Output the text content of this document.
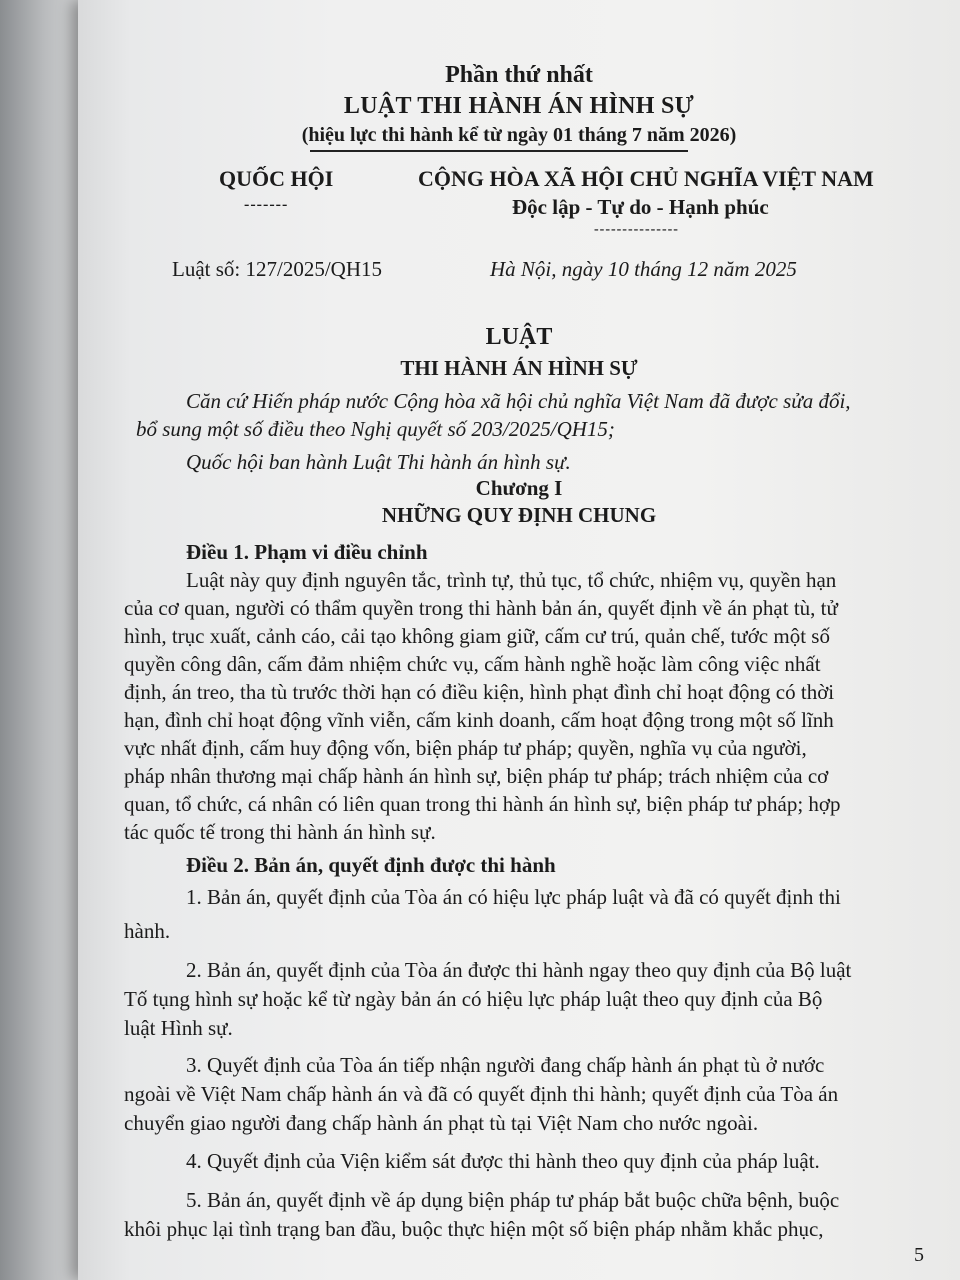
Phần thứ nhất
LUẬT THI HÀNH ÁN HÌNH SỰ
(hiệu lực thi hành kể từ ngày 01 tháng 7 năm 2026)
QUỐC HỘI
-------
CỘNG HÒA XÃ HỘI CHỦ NGHĨA VIỆT NAM
Độc lập - Tự do - Hạnh phúc
---------------
Luật số: 127/2025/QH15	Hà Nội, ngày 10 tháng 12 năm 2025
LUẬT
THI HÀNH ÁN HÌNH SỰ
Căn cứ Hiến pháp nước Cộng hòa xã hội chủ nghĩa Việt Nam đã được sửa đổi,
bổ sung một số điều theo Nghị quyết số 203/2025/QH15;
Quốc hội ban hành Luật Thi hành án hình sự.
Chương I
NHỮNG QUY ĐỊNH CHUNG
Điều 1. Phạm vi điều chỉnh
Luật này quy định nguyên tắc, trình tự, thủ tục, tổ chức, nhiệm vụ, quyền hạn
của cơ quan, người có thẩm quyền trong thi hành bản án, quyết định về án phạt tù, tử
hình, trục xuất, cảnh cáo, cải tạo không giam giữ, cấm cư trú, quản chế, tước một số
quyền công dân, cấm đảm nhiệm chức vụ, cấm hành nghề hoặc làm công việc nhất
định, án treo, tha tù trước thời hạn có điều kiện, hình phạt đình chỉ hoạt động có thời
hạn, đình chỉ hoạt động vĩnh viễn, cấm kinh doanh, cấm hoạt động trong một số lĩnh
vực nhất định, cấm huy động vốn, biện pháp tư pháp; quyền, nghĩa vụ của người,
pháp nhân thương mại chấp hành án hình sự, biện pháp tư pháp; trách nhiệm của cơ
quan, tổ chức, cá nhân có liên quan trong thi hành án hình sự, biện pháp tư pháp; hợp
tác quốc tế trong thi hành án hình sự.
Điều 2. Bản án, quyết định được thi hành
1. Bản án, quyết định của Tòa án có hiệu lực pháp luật và đã có quyết định thi
hành.
2. Bản án, quyết định của Tòa án được thi hành ngay theo quy định của Bộ luật
Tố tụng hình sự hoặc kể từ ngày bản án có hiệu lực pháp luật theo quy định của Bộ
luật Hình sự.
3. Quyết định của Tòa án tiếp nhận người đang chấp hành án phạt tù ở nước
ngoài về Việt Nam chấp hành án và đã có quyết định thi hành; quyết định của Tòa án
chuyển giao người đang chấp hành án phạt tù tại Việt Nam cho nước ngoài.
4. Quyết định của Viện kiểm sát được thi hành theo quy định của pháp luật.
5. Bản án, quyết định về áp dụng biện pháp tư pháp bắt buộc chữa bệnh, buộc
khôi phục lại tình trạng ban đầu, buộc thực hiện một số biện pháp nhằm khắc phục,
5
